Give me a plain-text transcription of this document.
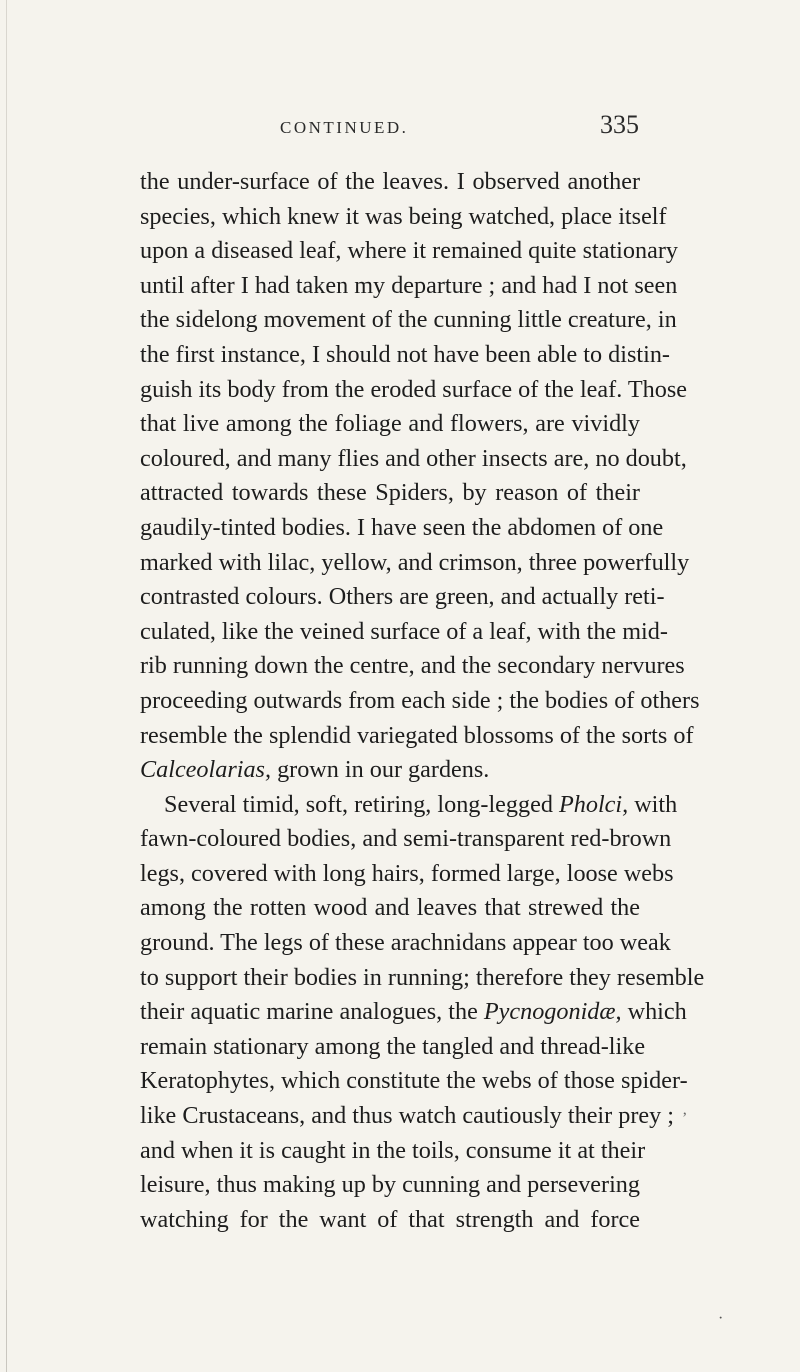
CONTINUED.	335
the under-surface of the leaves. I observed another
species, which knew it was being watched, place itself
upon a diseased leaf, where it remained quite stationary
until after I had taken my departure ; and had I not seen
the sidelong movement of the cunning little creature, in
the first instance, I should not have been able to distin-
guish its body from the eroded surface of the leaf. Those
that live among the foliage and flowers, are vividly
coloured, and many flies and other insects are, no doubt,
attracted towards these Spiders, by reason of their
gaudily-tinted bodies. I have seen the abdomen of one
marked with lilac, yellow, and crimson, three powerfully
contrasted colours. Others are green, and actually reti-
culated, like the veined surface of a leaf, with the mid-
rib running down the centre, and the secondary nervures
proceeding outwards from each side ; the bodies of others
resemble the splendid variegated blossoms of the sorts of
Calceolarias, grown in our gardens.
Several timid, soft, retiring, long-legged Pholci, with
fawn-coloured bodies, and semi-transparent red-brown
legs, covered with long hairs, formed large, loose webs
among the rotten wood and leaves that strewed the
ground. The legs of these arachnidans appear too weak
to support their bodies in running; therefore they resemble
their aquatic marine analogues, the Pycnogonidæ, which
remain stationary among the tangled and thread-like
Keratophytes, which constitute the webs of those spider-
like Crustaceans, and thus watch cautiously their prey ;
and when it is caught in the toils, consume it at their
leisure, thus making up by cunning and persevering
watching for the want of that strength and force
’
·
